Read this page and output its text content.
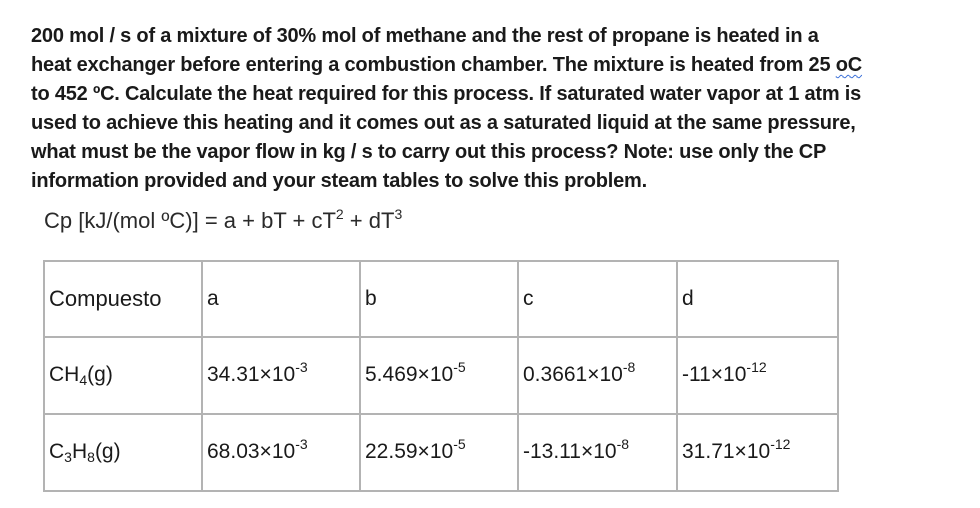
200 mol / s of a mixture of 30% mol of methane and the rest of propane is heated in a
heat exchanger before entering a combustion chamber. The mixture is heated from 25 oC
to 452 ºC. Calculate the heat required for this process. If saturated water vapor at 1 atm is
used to achieve this heating and it comes out as a saturated liquid at the same pressure,
what must be the vapor flow in kg / s to carry out this process? Note: use only the CP
information provided and your steam tables to solve this problem.
Cp [kJ/(mol ºC)] = a + bT + $cT^2 + dT^3$
Compuesto	a	b	c	d
$CH_4(g)$	$34.31\times 10^{-3}$	$5.469\times 10^{-5}$	$0.3661\times 10^{-8}$	$-11\times 10^{-12}$
$C_3H_8(g)$	$68.03\times 10^{-3}$	$22.59\times 10^{-5}$	$-13.11\times 10^{-8}$	$31.71\times 10^{-12}$
